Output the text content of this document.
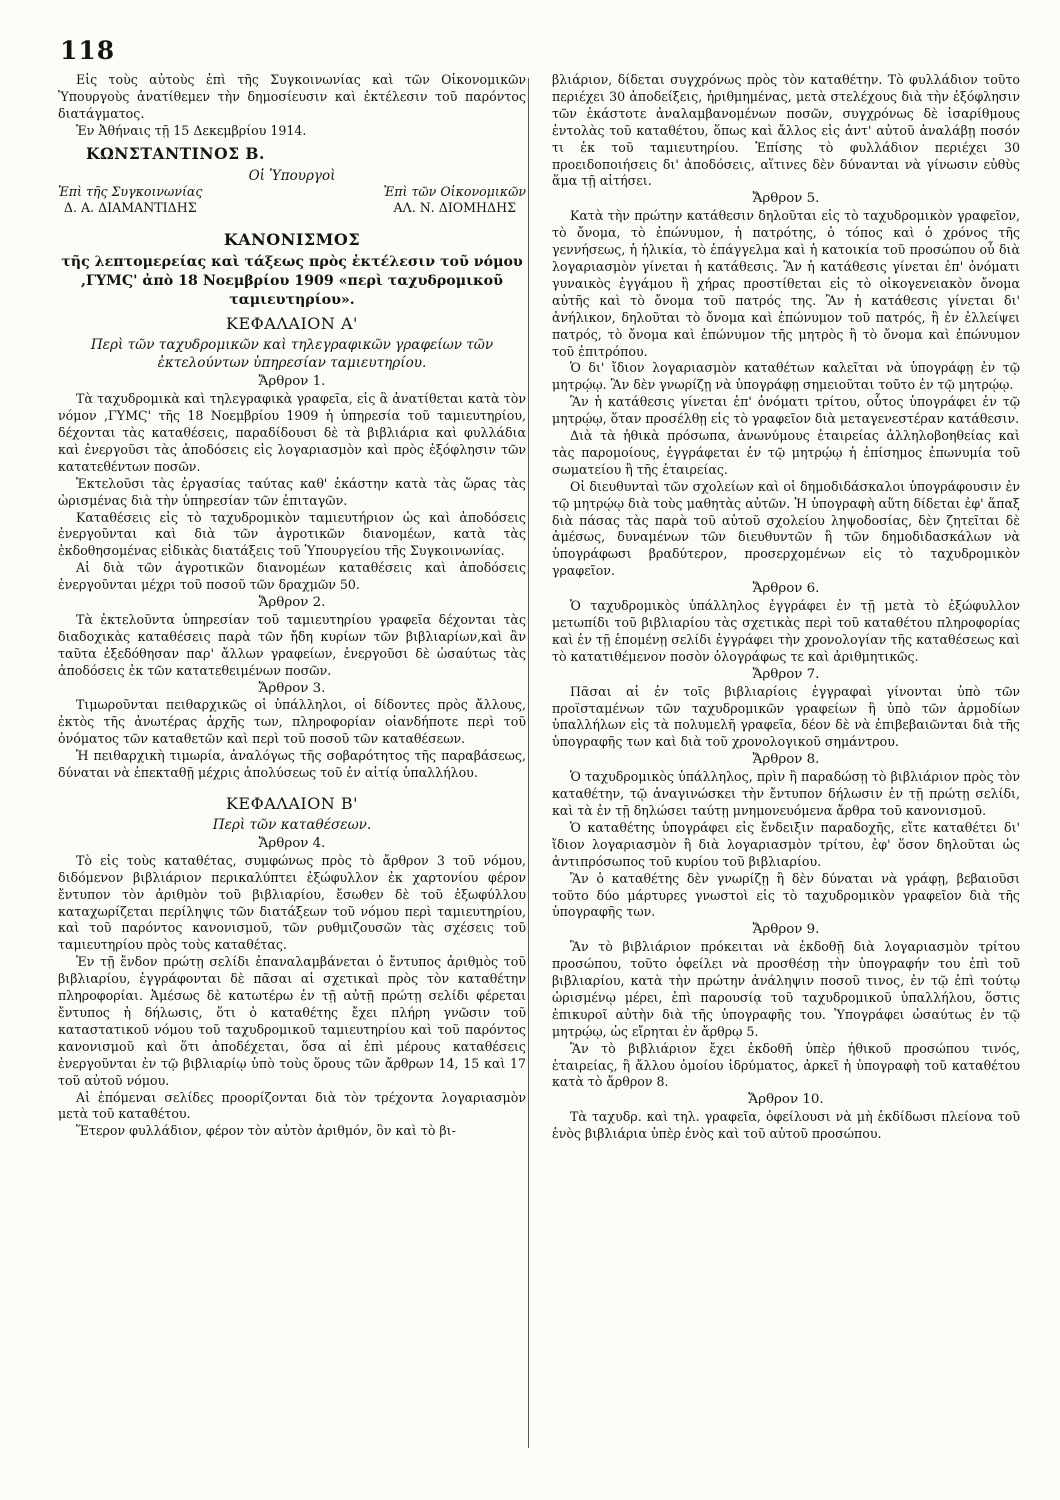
118

Εἰς τοὺς αὐτοὺς ἐπὶ τῆς Συγκοινωνίας καὶ τῶν Οἰκονομικῶν Ὑπουργοὺς ἀνατίθεμεν τὴν δημοσίευσιν καὶ ἐκτέλεσιν τοῦ παρόντος διατάγματος.

Ἐν Ἀθήναις τῇ 15 Δεκεμβρίου 1914.

ΚΩΝΣΤΑΝΤΙΝΟΣ Β.
Οἱ Ὑπουργοὶ
Ἐπὶ τῆς Συγκοινωνίας
Δ. Α. ΔΙΑΜΑΝΤΙΔΗΣ
Ἐπὶ τῶν Οἰκονομικῶν
ΑΛ. Ν. ΔΙΟΜΗΔΗΣ
ΚΑΝΟΝΙΣΜΟΣ
τῆς λεπτομερείας καὶ τάξεως πρὸς ἐκτέλεσιν τοῦ νόμου ,ΓΥΜϚ' ἀπὸ 18 Νοεμβρίου 1909 «περὶ ταχυδρομικοῦ ταμιευτηρίου».
ΚΕΦΑΛΑΙΟΝ Α'
Περὶ τῶν ταχυδρομικῶν καὶ τηλεγραφικῶν γραφείων τῶν ἐκτελούντων ὑπηρεσίαν ταμιευτηρίου.
Ἄρθρον 1.

Τὰ ταχυδρομικὰ καὶ τηλεγραφικὰ γραφεῖα, εἰς ἃ ἀνατίθεται κατὰ τὸν νόμον ,ΓΥΜϚ' τῆς 18 Νοεμβρίου 1909 ἡ ὑπηρεσία τοῦ ταμιευτηρίου, δέχονται τὰς καταθέσεις, παραδίδουσι δὲ τὰ βιβλιάρια καὶ φυλλάδια καὶ ἐνεργοῦσι τὰς ἀποδόσεις εἰς λογαριασμὸν καὶ πρὸς ἐξόφλησιν τῶν κατατεθέντων ποσῶν.

Ἐκτελοῦσι τὰς ἐργασίας ταύτας καθ' ἑκάστην κατὰ τὰς ὥρας τὰς ὡρισμένας διὰ τὴν ὑπηρεσίαν τῶν ἐπιταγῶν.

Καταθέσεις εἰς τὸ ταχυδρομικὸν ταμιευτήριον ὡς καὶ ἀποδόσεις ἐνεργοῦνται καὶ διὰ τῶν ἀγροτικῶν διανομέων, κατὰ τὰς ἐκδοθησομένας εἰδικὰς διατάξεις τοῦ Ὑπουργείου τῆς Συγκοινωνίας.

Αἱ διὰ τῶν ἀγροτικῶν διανομέων καταθέσεις καὶ ἀποδόσεις ἐνεργοῦνται μέχρι τοῦ ποσοῦ τῶν δραχμῶν 50.

Ἄρθρον 2.

Τὰ ἐκτελοῦντα ὑπηρεσίαν τοῦ ταμιευτηρίου γραφεῖα δέχονται τὰς διαδοχικὰς καταθέσεις παρὰ τῶν ἤδη κυρίων τῶν βιβλιαρίων,καὶ ἂν ταῦτα ἐξεδόθησαν παρ' ἄλλων γραφείων, ἐνεργοῦσι δὲ ὡσαύτως τὰς ἀποδόσεις ἐκ τῶν κατατεθειμένων ποσῶν.

Ἄρθρον 3.

Τιμωροῦνται πειθαρχικῶς οἱ ὑπάλληλοι, οἱ δίδοντες πρὸς ἄλλους, ἐκτὸς τῆς ἀνωτέρας ἀρχῆς των, πληροφορίαν οἱανδήποτε περὶ τοῦ ὀνόματος τῶν καταθετῶν καὶ περὶ τοῦ ποσοῦ τῶν καταθέσεων.

Ἡ πειθαρχικὴ τιμωρία, ἀναλόγως τῆς σοβαρότητος τῆς παραβάσεως, δύναται νὰ ἐπεκταθῇ μέχρις ἀπολύσεως τοῦ ἐν αἰτίᾳ ὑπαλλήλου.

ΚΕΦΑΛΑΙΟΝ Β'
Περὶ τῶν καταθέσεων.
Ἄρθρον 4.

Τὸ εἰς τοὺς καταθέτας, συμφώνως πρὸς τὸ ἄρθρον 3 τοῦ νόμου, διδόμενον βιβλιάριον περικαλύπτει ἐξώφυλλον ἐκ χαρτονίου φέρον ἔντυπον τὸν ἀριθμὸν τοῦ βιβλιαρίου, ἔσωθεν δὲ τοῦ ἐξωφύλλου καταχωρίζεται περίληψις τῶν διατάξεων τοῦ νόμου περὶ ταμιευτηρίου, καὶ τοῦ παρόντος κανονισμοῦ, τῶν ρυθμιζουσῶν τὰς σχέσεις τοῦ ταμιευτηρίου πρὸς τοὺς καταθέτας.

Ἐν τῇ ἔνδον πρώτῃ σελίδι ἐπαναλαμβάνεται ὁ ἔντυπος ἀριθμὸς τοῦ βιβλιαρίου, ἐγγράφονται δὲ πᾶσαι αἱ σχετικαὶ πρὸς τὸν καταθέτην πληροφορίαι. Ἀμέσως δὲ κατωτέρω ἐν τῇ αὐτῇ πρώτῃ σελίδι φέρεται ἔντυπος ἡ δήλωσις, ὅτι ὁ καταθέτης ἔχει πλήρη γνῶσιν τοῦ καταστατικοῦ νόμου τοῦ ταχυδρομικοῦ ταμιευτηρίου καὶ τοῦ παρόντος κανονισμοῦ καὶ ὅτι ἀποδέχεται, ὅσα αἱ ἐπὶ μέρους καταθέσεις ἐνεργοῦνται ἐν τῷ βιβλιαρίῳ ὑπὸ τοὺς ὅρους τῶν ἄρθρων 14, 15 καὶ 17 τοῦ αὐτοῦ νόμου.

Αἱ ἑπόμεναι σελίδες προορίζονται διὰ τὸν τρέχοντα λογαριασμὸν μετὰ τοῦ καταθέτου.

Ἕτερον φυλλάδιον, φέρον τὸν αὐτὸν ἀριθμόν, ὃν καὶ τὸ βι-

βλιάριον, δίδεται συγχρόνως πρὸς τὸν καταθέτην. Τὸ φυλλάδιον τοῦτο περιέχει 30 ἀποδείξεις, ἠριθμημένας, μετὰ στελέχους διὰ τὴν ἐξόφλησιν τῶν ἑκάστοτε ἀναλαμβανομένων ποσῶν, συγχρόνως δὲ ἰσαρίθμους ἐντολὰς τοῦ καταθέτου, ὅπως καὶ ἄλλος εἰς ἀντ' αὐτοῦ ἀναλάβῃ ποσόν τι ἐκ τοῦ ταμιευτηρίου. Ἐπίσης τὸ φυλλάδιον περιέχει 30 προειδοποιήσεις δι' ἀποδόσεις, αἵτινες δὲν δύνανται νὰ γίνωσιν εὐθὺς ἅμα τῇ αἰτήσει.

Ἄρθρον 5.

Κατὰ τὴν πρώτην κατάθεσιν δηλοῦται εἰς τὸ ταχυδρομικὸν γραφεῖον, τὸ ὄνομα, τὸ ἐπώνυμον, ἡ πατρότης, ὁ τόπος καὶ ὁ χρόνος τῆς γεννήσεως, ἡ ἡλικία, τὸ ἐπάγγελμα καὶ ἡ κατοικία τοῦ προσώπου οὗ διὰ λογαριασμὸν γίνεται ἡ κατάθεσις. Ἂν ἡ κατάθεσις γίνεται ἐπ' ὀνόματι γυναικὸς ἐγγάμου ἢ χήρας προστίθεται εἰς τὸ οἰκογενειακὸν ὄνομα αὐτῆς καὶ τὸ ὄνομα τοῦ πατρός της. Ἂν ἡ κατάθεσις γίνεται δι' ἀνήλικον, δηλοῦται τὸ ὄνομα καὶ ἐπώνυμον τοῦ πατρός, ἢ ἐν ἐλλείψει πατρός, τὸ ὄνομα καὶ ἐπώνυμον τῆς μητρὸς ἢ τὸ ὄνομα καὶ ἐπώνυμον τοῦ ἐπιτρόπου.

Ὁ δι' ἴδιον λογαριασμὸν καταθέτων καλεῖται νὰ ὑπογράφῃ ἐν τῷ μητρῴῳ. Ἂν δὲν γνωρίζῃ νὰ ὑπογράφῃ σημειοῦται τοῦτο ἐν τῷ μητρῴῳ.

Ἂν ἡ κατάθεσις γίνεται ἐπ' ὀνόματι τρίτου, οὗτος ὑπογράφει ἐν τῷ μητρῴῳ, ὅταν προσέλθῃ εἰς τὸ γραφεῖον διὰ μεταγενεστέραν κατάθεσιν.

Διὰ τὰ ἠθικὰ πρόσωπα, ἀνωνύμους ἑταιρείας ἀλληλοβοηθείας καὶ τὰς παρομοίους, ἐγγράφεται ἐν τῷ μητρῴῳ ἡ ἐπίσημος ἐπωνυμία τοῦ σωματείου ἢ τῆς ἑταιρείας.

Οἱ διευθυνταὶ τῶν σχολείων καὶ οἱ δημοδιδάσκαλοι ὑπογράφουσιν ἐν τῷ μητρῴῳ διὰ τοὺς μαθητὰς αὐτῶν. Ἡ ὑπογραφὴ αὕτη δίδεται ἐφ' ἅπαξ διὰ πάσας τὰς παρὰ τοῦ αὐτοῦ σχολείου ληψοδοσίας, δὲν ζητεῖται δὲ ἀμέσως, δυναμένων τῶν διευθυντῶν ἢ τῶν δημοδιδασκάλων νὰ ὑπογράφωσι βραδύτερον, προσερχομένων εἰς τὸ ταχυδρομικὸν γραφεῖον.

Ἄρθρον 6.

Ὁ ταχυδρομικὸς ὑπάλληλος ἐγγράφει ἐν τῇ μετὰ τὸ ἐξώφυλλον μετωπίδι τοῦ βιβλιαρίου τὰς σχετικὰς περὶ τοῦ καταθέτου πληροφορίας καὶ ἐν τῇ ἑπομένῃ σελίδι ἐγγράφει τὴν χρονολογίαν τῆς καταθέσεως καὶ τὸ κατατιθέμενον ποσὸν ὁλογράφως τε καὶ ἀριθμητικῶς.

Ἄρθρον 7.

Πᾶσαι αἱ ἐν τοῖς βιβλιαρίοις ἐγγραφαὶ γίνονται ὑπὸ τῶν προϊσταμένων τῶν ταχυδρομικῶν γραφείων ἢ ὑπὸ τῶν ἁρμοδίων ὑπαλλήλων εἰς τὰ πολυμελῆ γραφεῖα, δέον δὲ νὰ ἐπιβεβαιῶνται διὰ τῆς ὑπογραφῆς των καὶ διὰ τοῦ χρονολογικοῦ σημάντρου.

Ἄρθρον 8.

Ὁ ταχυδρομικὸς ὑπάλληλος, πρὶν ἢ παραδώσῃ τὸ βιβλιάριον πρὸς τὸν καταθέτην, τῷ ἀναγινώσκει τὴν ἔντυπον δήλωσιν ἐν τῇ πρώτῃ σελίδι, καὶ τὰ ἐν τῇ δηλώσει ταύτῃ μνημονευόμενα ἄρθρα τοῦ κανονισμοῦ.

Ὁ καταθέτης ὑπογράφει εἰς ἔνδειξιν παραδοχῆς, εἴτε καταθέτει δι' ἴδιον λογαριασμὸν ἢ διὰ λογαριασμὸν τρίτου, ἐφ' ὅσον δηλοῦται ὡς ἀντιπρόσωπος τοῦ κυρίου τοῦ βιβλιαρίου.

Ἂν ὁ καταθέτης δὲν γνωρίζῃ ἢ δὲν δύναται νὰ γράφῃ, βεβαιοῦσι τοῦτο δύο μάρτυρες γνωστοὶ εἰς τὸ ταχυδρομικὸν γραφεῖον διὰ τῆς ὑπογραφῆς των.

Ἄρθρον 9.

Ἂν τὸ βιβλιάριον πρόκειται νὰ ἐκδοθῇ διὰ λογαριασμὸν τρίτου προσώπου, τοῦτο ὀφείλει νὰ προσθέσῃ τὴν ὑπογραφήν του ἐπὶ τοῦ βιβλιαρίου, κατὰ τὴν πρώτην ἀνάληψιν ποσοῦ τινος, ἐν τῷ ἐπὶ τούτῳ ὡρισμένῳ μέρει, ἐπὶ παρουσίᾳ τοῦ ταχυδρομικοῦ ὑπαλλήλου, ὅστις ἐπικυροῖ αὐτὴν διὰ τῆς ὑπογραφῆς του. Ὑπογράφει ὡσαύτως ἐν τῷ μητρῴῳ, ὡς εἴρηται ἐν ἄρθρῳ 5.

Ἂν τὸ βιβλιάριον ἔχει ἐκδοθῆ ὑπὲρ ἠθικοῦ προσώπου τινός, ἑταιρείας, ἢ ἄλλου ὁμοίου ἱδρύματος, ἀρκεῖ ἡ ὑπογραφὴ τοῦ καταθέτου κατὰ τὸ ἄρθρον 8.

Ἄρθρον 10.

Τὰ ταχυδρ. καὶ τηλ. γραφεῖα, ὀφείλουσι νὰ μὴ ἐκδίδωσι πλείονα τοῦ ἑνὸς βιβλιάρια ὑπὲρ ἑνὸς καὶ τοῦ αὐτοῦ προσώπου.
